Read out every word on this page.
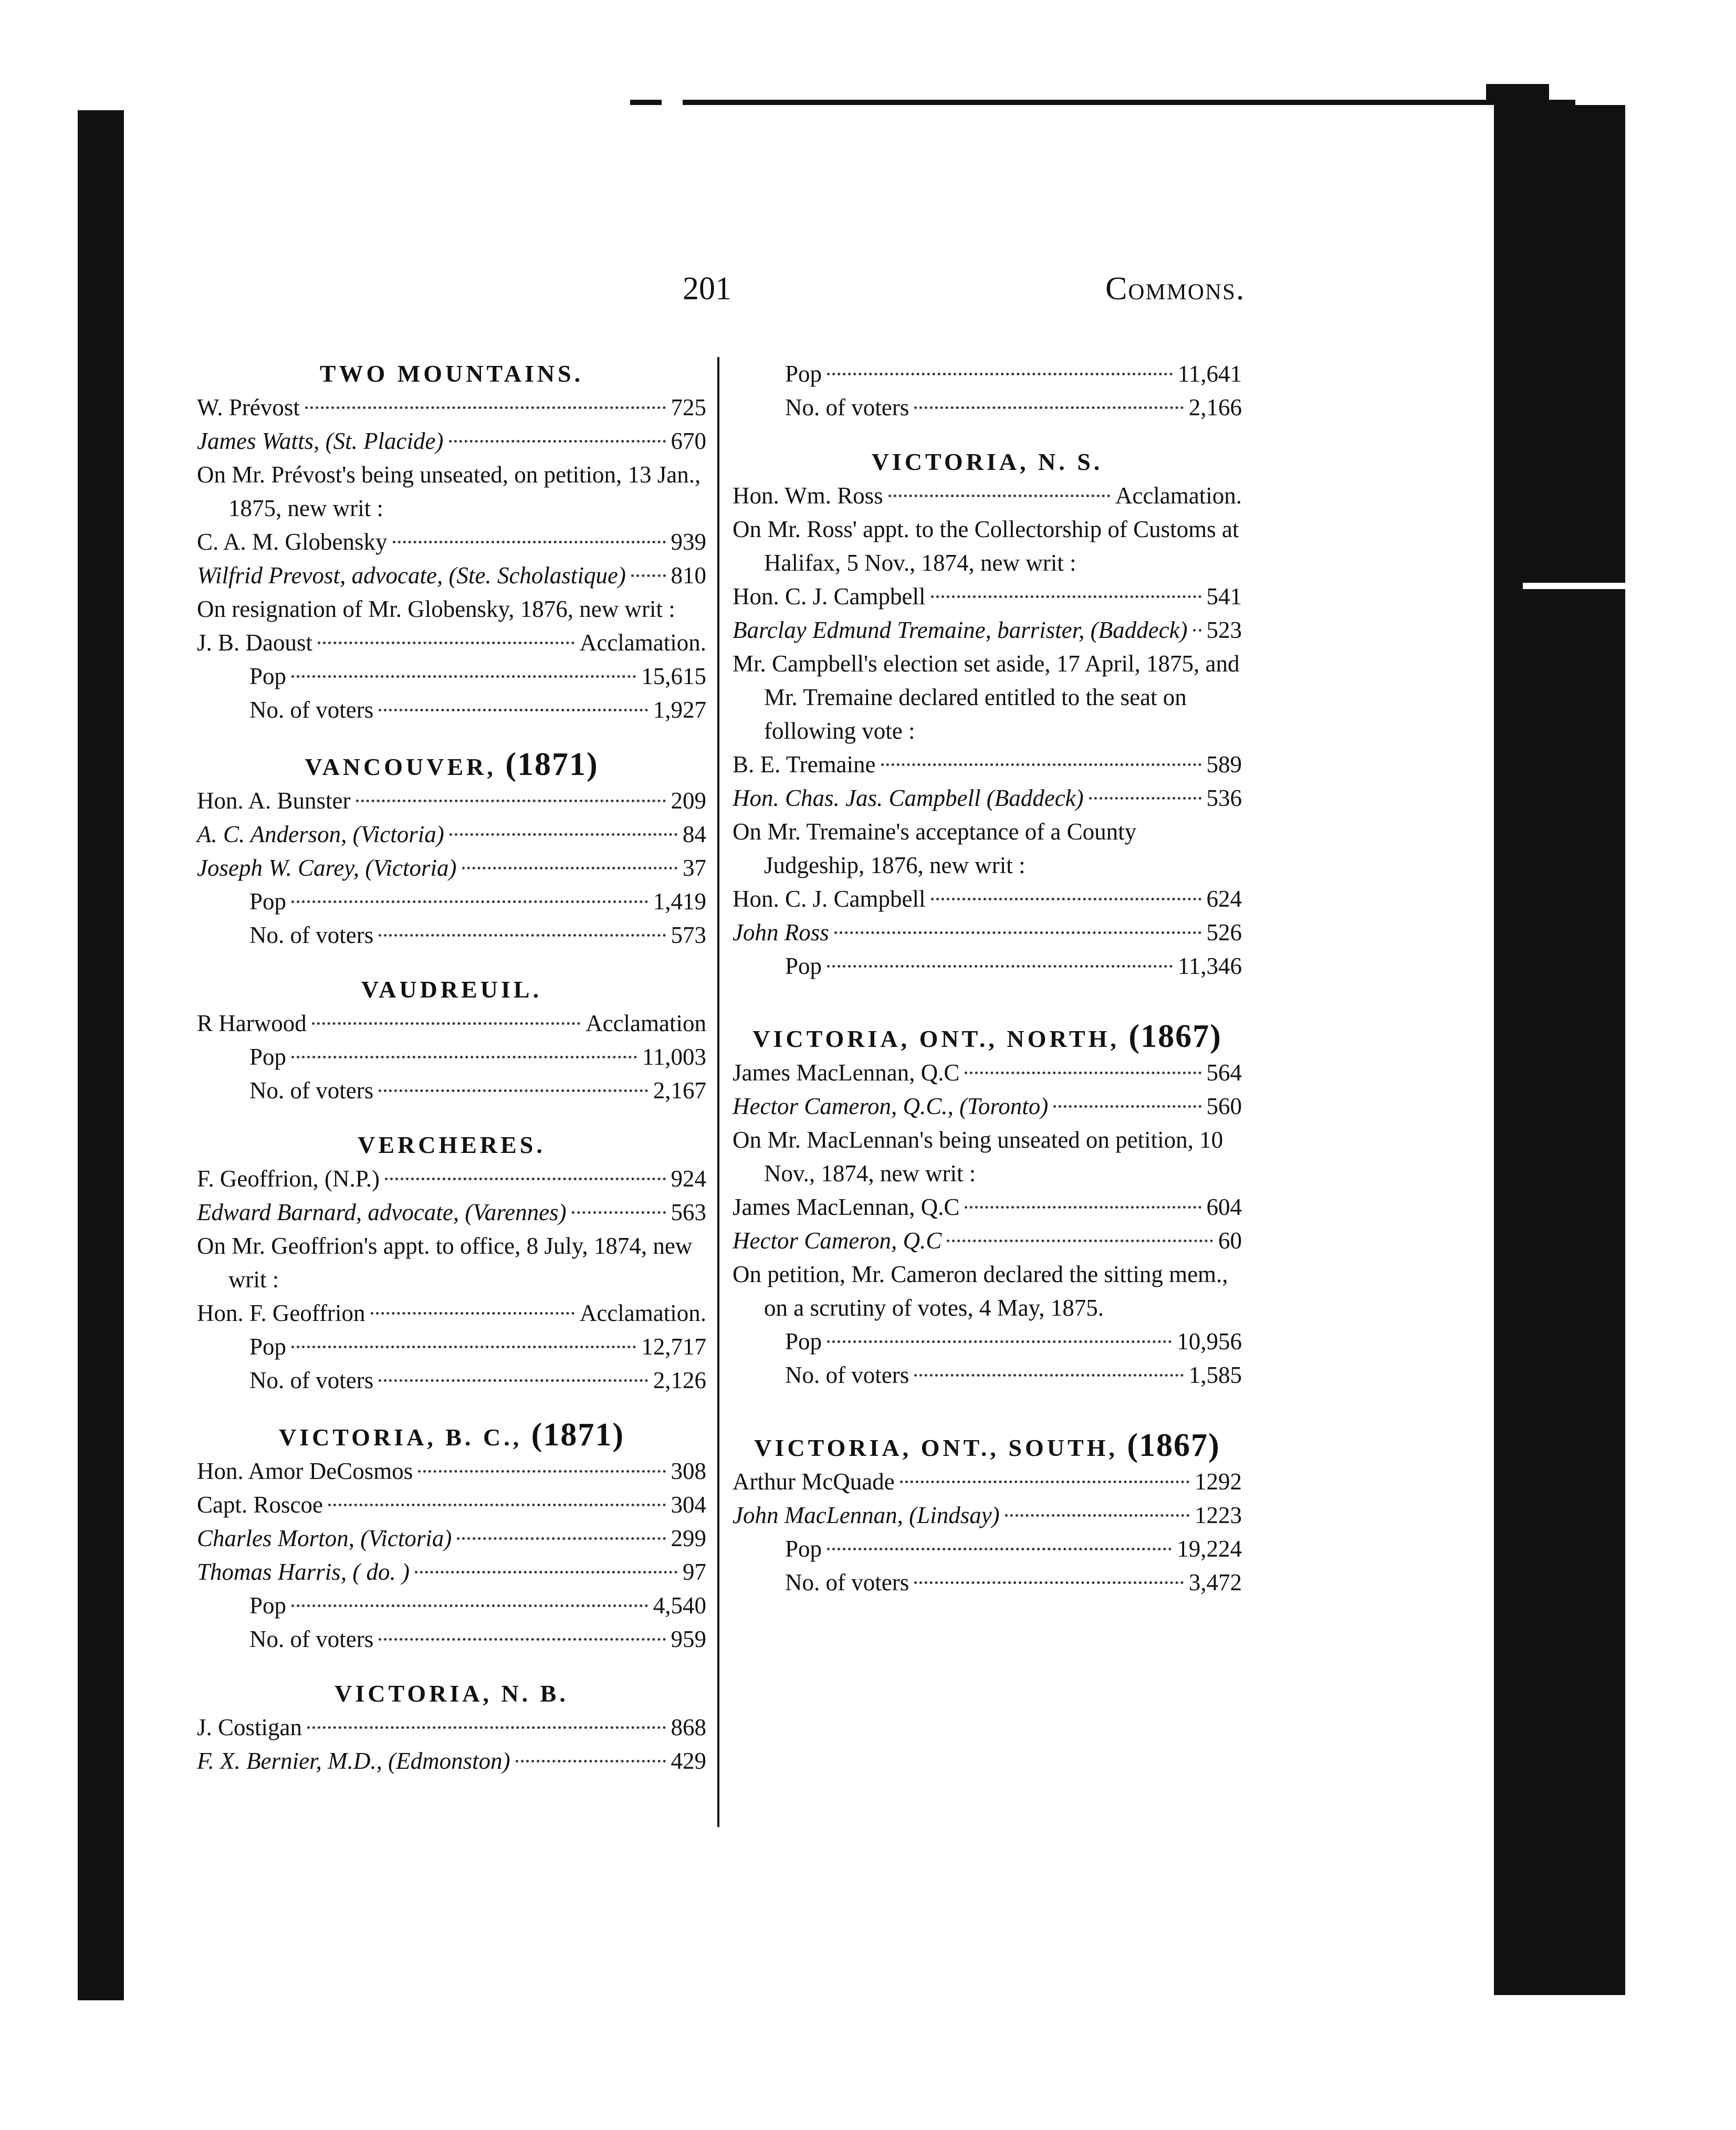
201	Commons.
TWO MOUNTAINS.
W. Prévost	725
James Watts, (St. Placide)	670

On Mr. Prévost's being unseated, on petition, 13 Jan., 1875, new writ :

C. A. M. Globensky	939
Wilfrid Prevost, advocate, (Ste. Scholastique) 810

On resignation of Mr. Globensky, 1876, new writ :

J. B. Daoust	Acclamation.
Pop	15,615
No. of voters	1,927
VANCOUVER, (1871)
Hon. A. Bunster	209
A. C. Anderson, (Victoria)	84
Joseph W. Carey, (Victoria)	37
Pop	1,419
No. of voters	573
VAUDREUIL.
R Harwood	Acclamation
Pop	11,003
No. of voters	2,167
VERCHERES.
F. Geoffrion, (N.P.)	924
Edward Barnard, advocate, (Varennes)	563

On Mr. Geoffrion's appt. to office, 8 July, 1874, new writ :

Hon. F. Geoffrion	Acclamation.
Pop	12,717
No. of voters	2,126
VICTORIA, B. C., (1871)
Hon. Amor DeCosmos	308
Capt. Roscoe	304
Charles Morton, (Victoria)	299
Thomas Harris, ( do. )	97
Pop	4,540
No. of voters	959
VICTORIA, N. B.
J. Costigan	868
F. X. Bernier, M.D., (Edmonston)	429
Pop	11,641
No. of voters	2,166
VICTORIA, N. S.
Hon. Wm. Ross	Acclamation.

On Mr. Ross' appt. to the Collectorship of Customs at Halifax, 5 Nov., 1874, new writ :

Hon. C. J. Campbell	541
Barclay Edmund Tremaine, barrister, (Baddeck) 523

Mr. Campbell's election set aside, 17 April, 1875, and Mr. Tremaine declared entitled to the seat on following vote :

B. E. Tremaine	589
Hon. Chas. Jas. Campbell (Baddeck)	536

On Mr. Tremaine's acceptance of a County Judgeship, 1876, new writ :

Hon. C. J. Campbell	624
John Ross	526
Pop	11,346
VICTORIA, ONT., NORTH, (1867)
James MacLennan, Q.C	564
Hector Cameron, Q.C., (Toronto)	560

On Mr. MacLennan's being unseated on petition, 10 Nov., 1874, new writ :

James MacLennan, Q.C	604
Hector Cameron, Q.C	60

On petition, Mr. Cameron declared the sitting mem., on a scrutiny of votes, 4 May, 1875.

Pop	10,956
No. of voters	1,585
VICTORIA, ONT., SOUTH, (1867)
Arthur McQuade	1292
John MacLennan, (Lindsay)	1223
Pop	19,224
No. of voters	3,472
